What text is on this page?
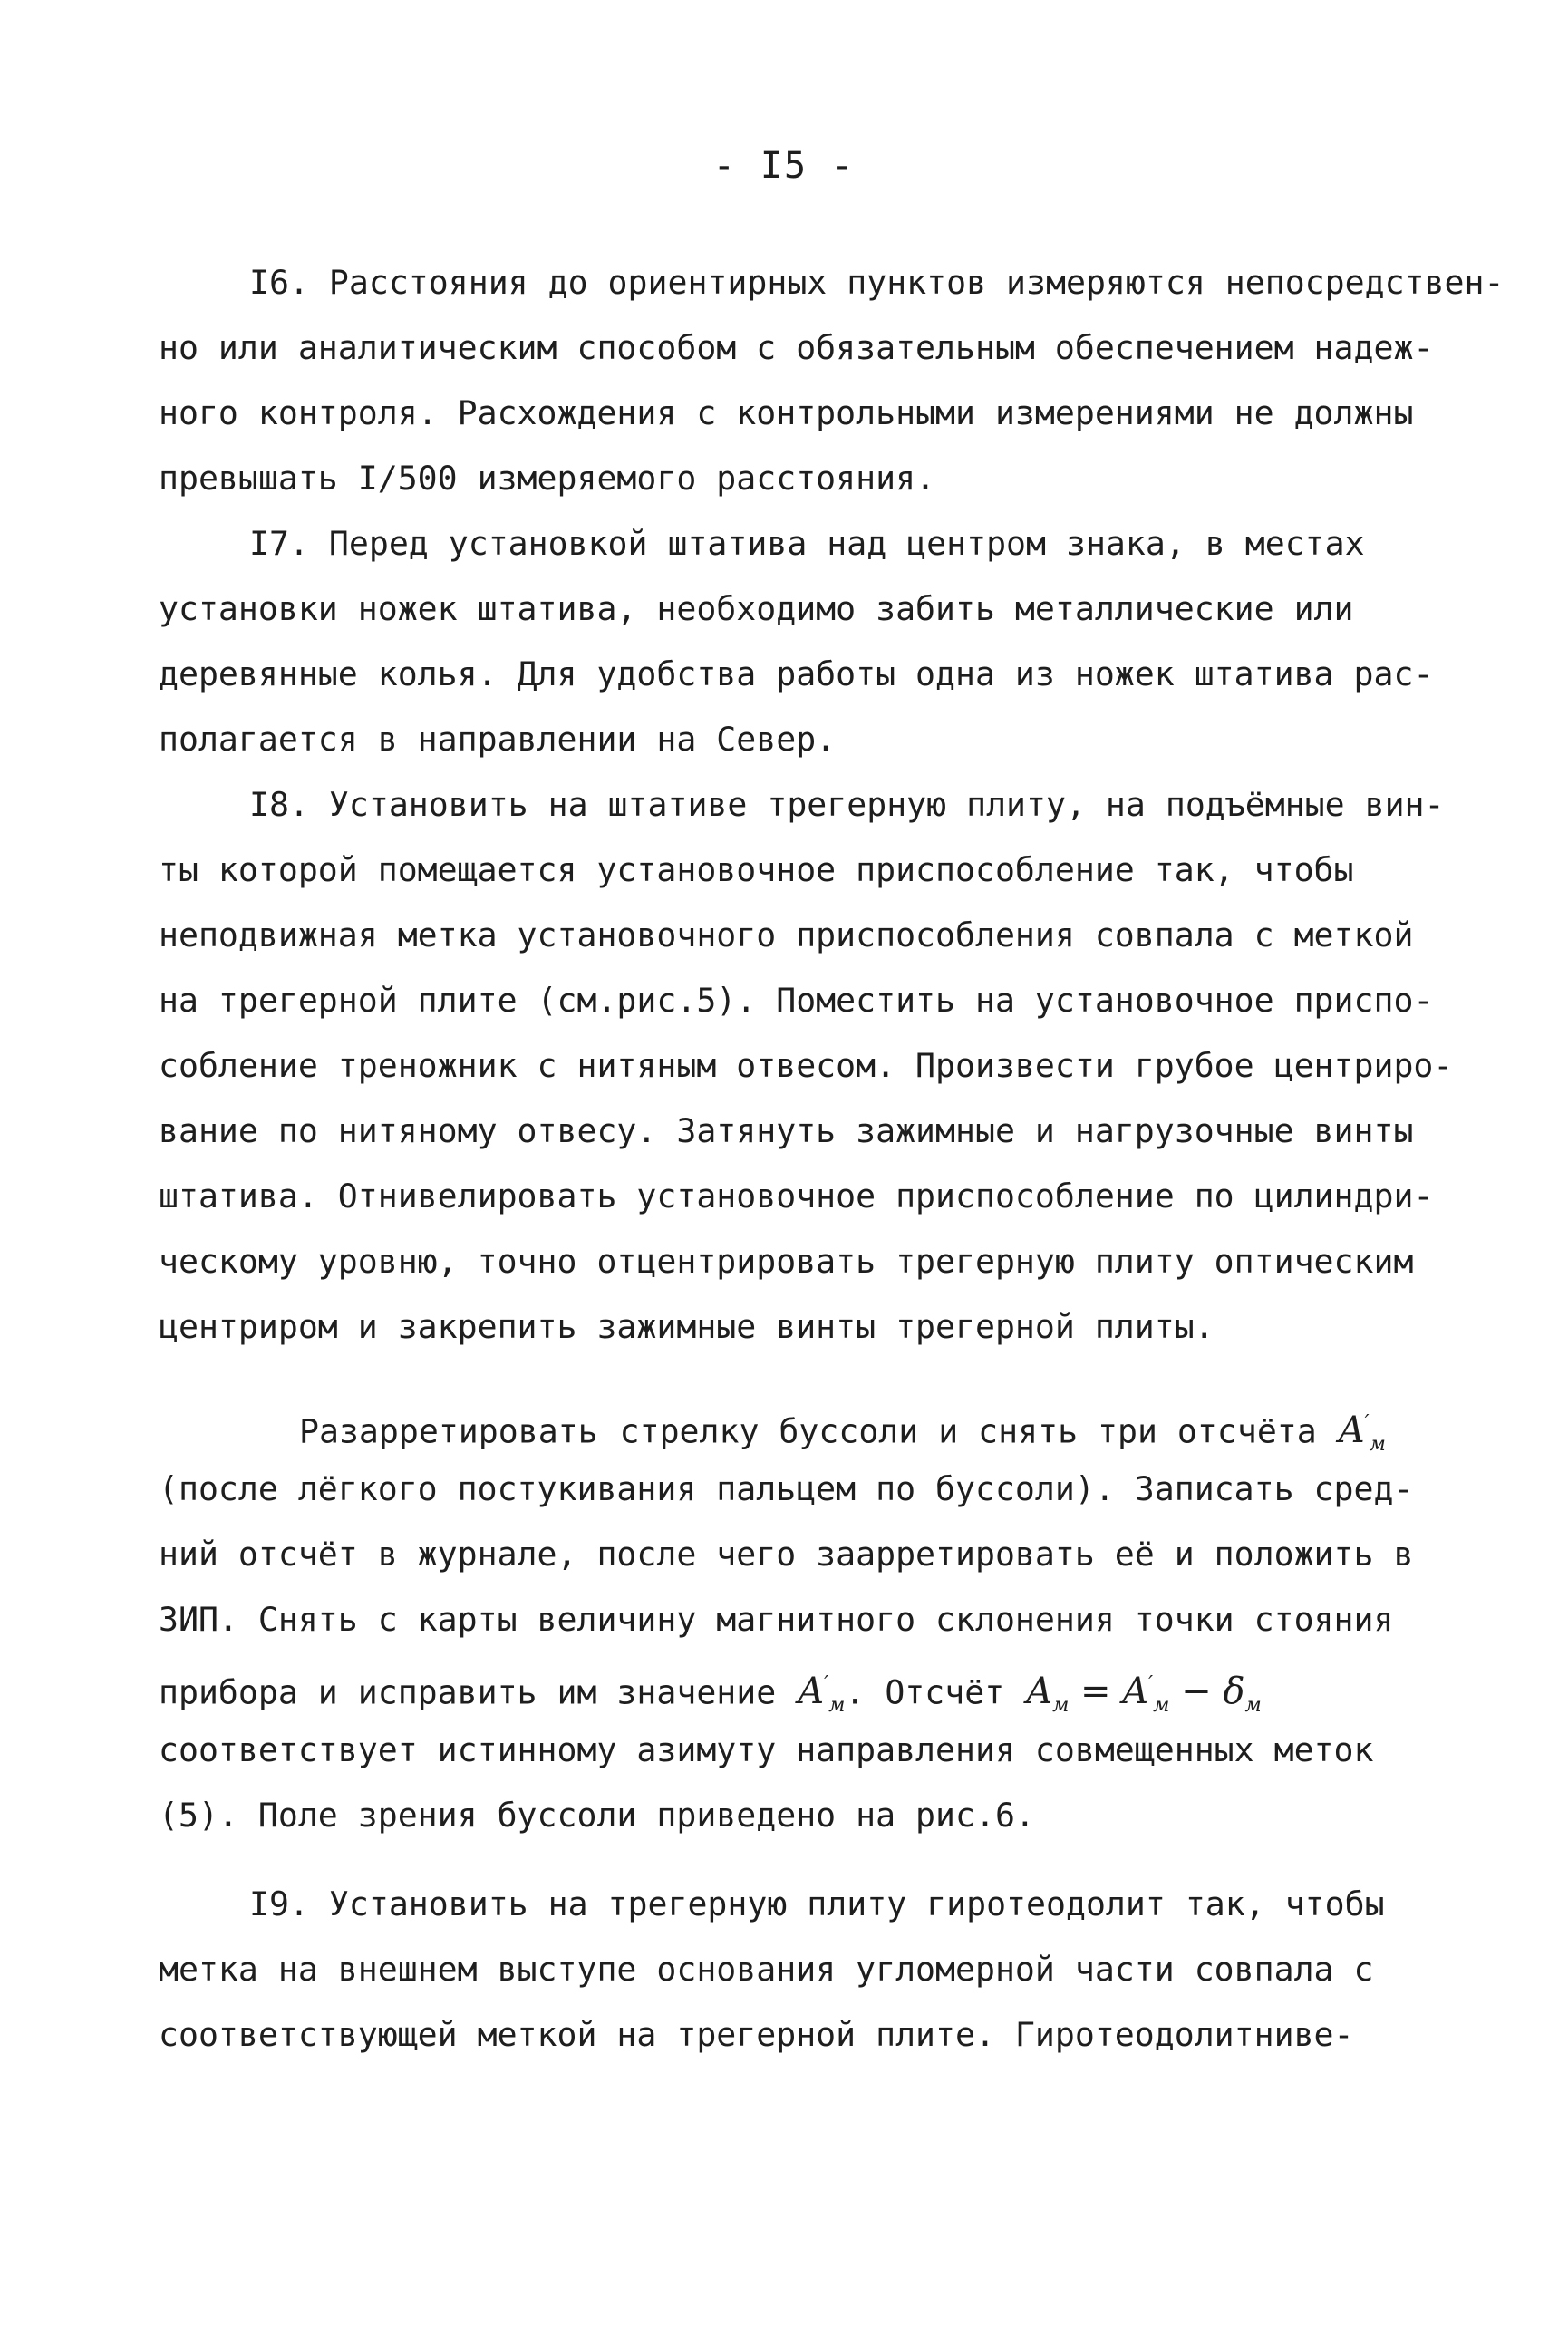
- I5 -
I6. Расстояния до ориентирных пунктов измеряются непосредствен-
но или аналитическим способом с обязательным обеспечением надеж-
ного контроля. Расхождения с контрольными измерениями не должны
превышать I/500 измеряемого расстояния.
I7. Перед установкой штатива над центром знака, в местах
установки ножек штатива, необходимо забить металлические или
деревянные колья. Для удобства работы одна из ножек штатива рас-
полагается в направлении на Север.
I8. Установить на штативе трегерную плиту, на подъёмные вин-
ты которой помещается установочное приспособление так, чтобы
неподвижная метка установочного приспособления совпала с меткой
на трегерной плите (см.рис.5). Поместить на установочное приспо-
собление треножник с нитяным отвесом. Произвести грубое центриро-
вание по нитяному отвесу. Затянуть зажимные и нагрузочные винты
штатива. Отнивелировать установочное приспособление по цилиндри-
ческому уровню, точно отцентрировать трегерную плиту оптическим
центриром и закрепить зажимные винты трегерной плиты.
Разарретировать стрелку буссоли и снять три отсчёта $A'_м$
(после лёгкого постукивания пальцем по буссоли). Записать сред-
ний отсчёт в журнале, после чего заарретировать её и положить в
ЗИП. Снять с карты величину магнитного склонения точки стояния
прибора и исправить им значение $A'_м$. Отсчёт $A_м = A'_м - \delta_м$
соответствует истинному азимуту направления совмещенных меток
(5). Поле зрения буссоли приведено на рис.6.
I9. Установить на трегерную плиту гиротеодолит так, чтобы
метка на внешнем выступе основания угломерной части совпала с
соответствующей меткой на трегерной плите. Гиротеодолитниве-
